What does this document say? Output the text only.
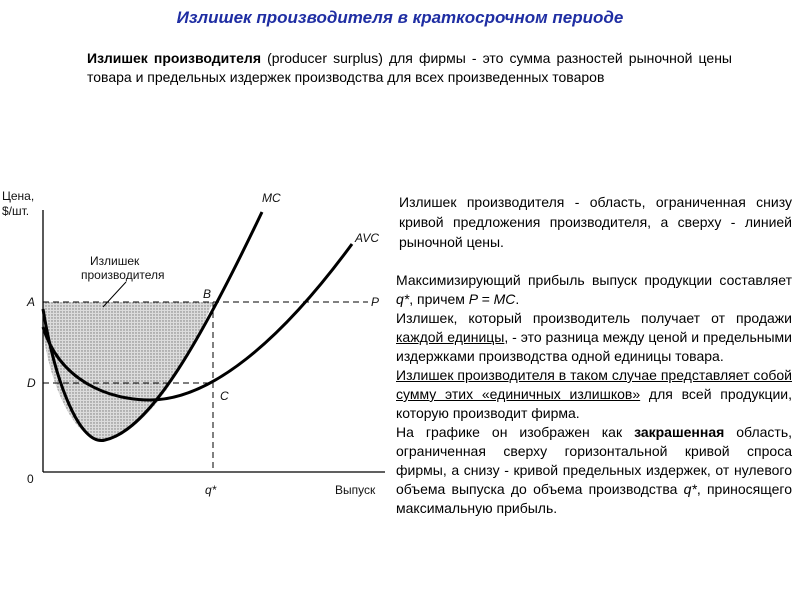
Излишек производителя в краткосрочном периоде
Излишек производителя (producer surplus) для фирмы - это сумма разностей рыночной цены товара и предельных издержек производства для всех произведенных товаров
Цена,
$/шт.
Излишек
производителя
MC
AVC
A
B
P
D
C
0
q*	Выпуск
Излишек производителя - область, ограниченная снизу кривой предложения производителя, а сверху - линией рыночной цены.

Максимизирующий прибыль выпуск продукции составляет q*, причем P = MC.

Излишек, который производитель получает от продажи каждой единицы, - это разница между ценой и предельными издержками производства одной единицы товара.

Излишек производителя в таком случае представляет собой сумму этих «единичных излишков» для всей продукции, которую производит фирма.

На графике он изображен как закрашенная область, ограниченная сверху горизонтальной кривой спроса фирмы, а снизу - кривой предельных издержек, от нулевого объема выпуска до объема производства q*, приносящего максимальную прибыль.
